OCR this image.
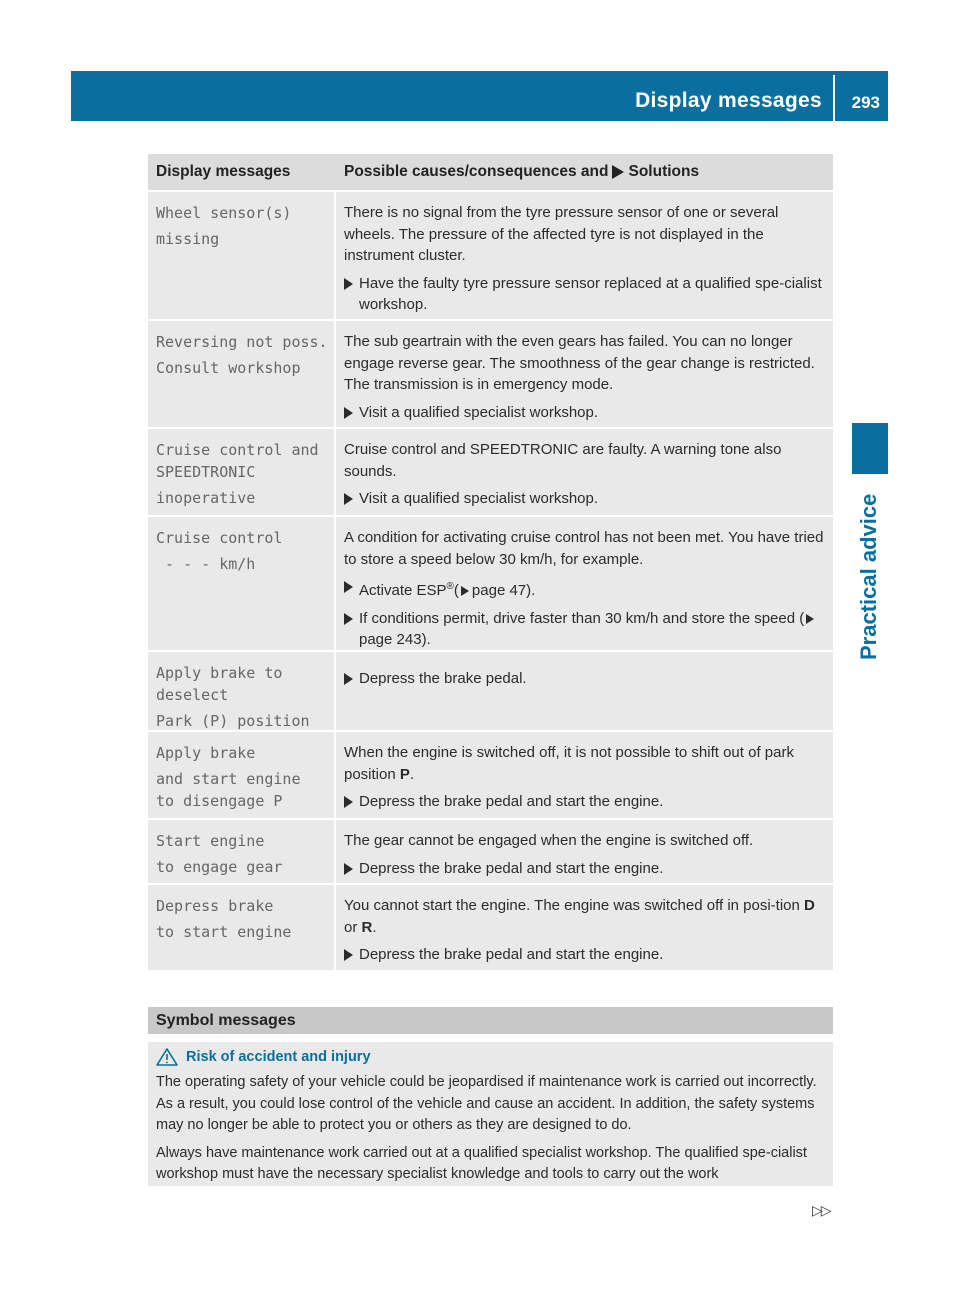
Display messages 293
Practical advice
Display messages	Possible causes/consequences and Solutions
Wheel sensor(s)
missing

There is no signal from the tyre pressure sensor of one or several wheels. The pressure of the affected tyre is not displayed in the instrument cluster.

Have the faulty tyre pressure sensor replaced at a qualified spe-cialist workshop.
Reversing not poss.
Consult workshop

The sub geartrain with the even gears has failed. You can no longer engage reverse gear. The smoothness of the gear change is restricted. The transmission is in emergency mode.

Visit a qualified specialist workshop.
Cruise control and
SPEEDTRONIC
inoperative

Cruise control and SPEEDTRONIC are faulty. A warning tone also sounds.

Visit a qualified specialist workshop.
Cruise control
- - - km/h

A condition for activating cruise control has not been met. You have tried to store a speed below 30 km/h, for example.

Activate ESP®( page 47).
If conditions permit, drive faster than 30 km/h and store the speed (page 243).
Apply brake to
deselect
Park (P) position
Depress the brake pedal.
Apply brake
and start engine
to disengage P

When the engine is switched off, it is not possible to shift out of park position P.

Depress the brake pedal and start the engine.
Start engine
to engage gear

The gear cannot be engaged when the engine is switched off.

Depress the brake pedal and start the engine.
Depress brake
to start engine

You cannot start the engine. The engine was switched off in posi-tion D or R.

Depress the brake pedal and start the engine.
Symbol messages
Risk of accident and injury

The operating safety of your vehicle could be jeopardised if maintenance work is carried out incorrectly. As a result, you could lose control of the vehicle and cause an accident. In addition, the safety systems may no longer be able to protect you or others as they are designed to do.

Always have maintenance work carried out at a qualified specialist workshop. The qualified spe-cialist workshop must have the necessary specialist knowledge and tools to carry out the work

▷▷
